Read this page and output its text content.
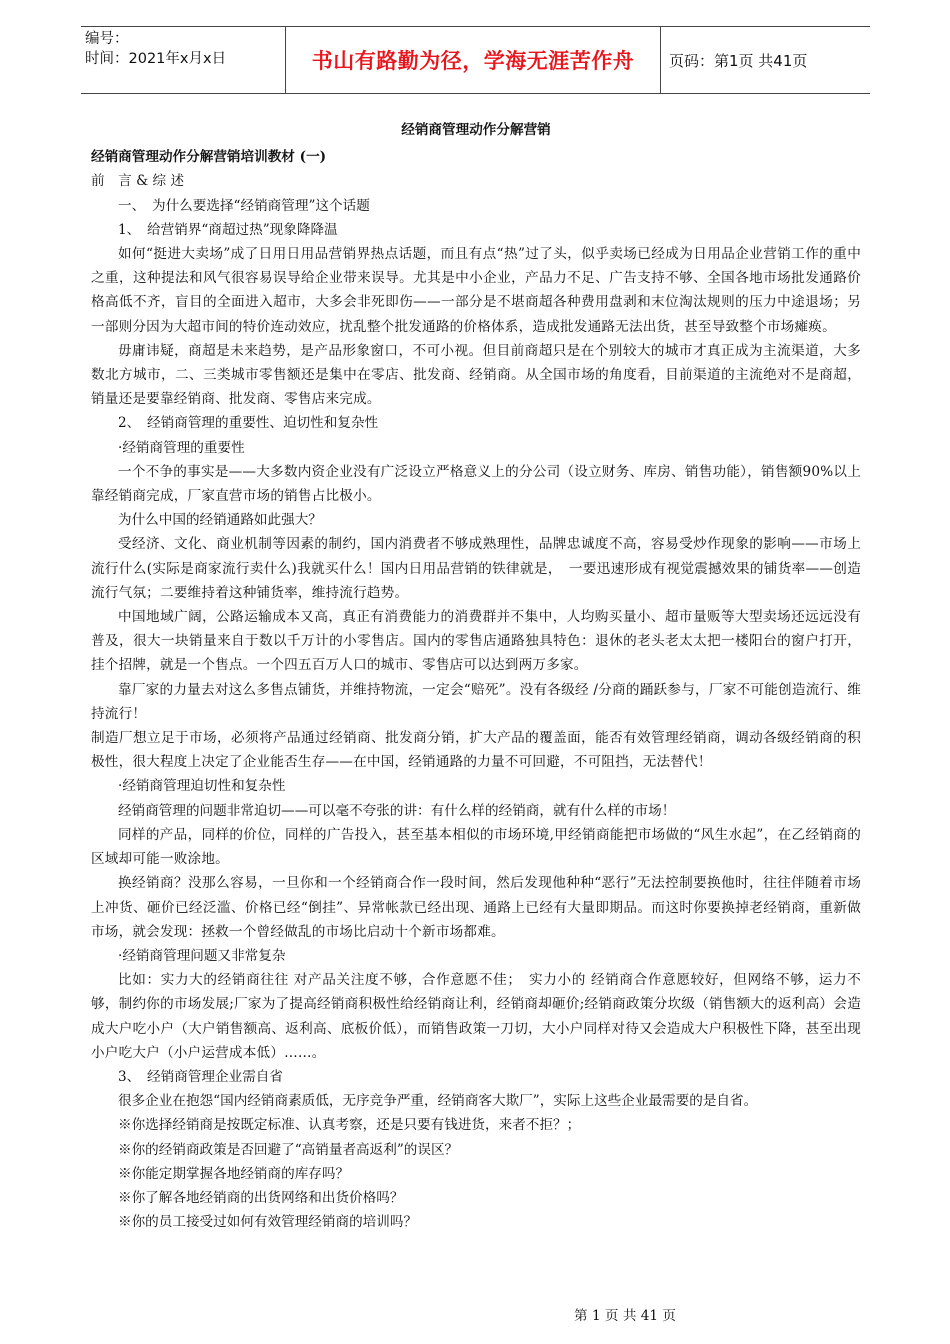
编号：
时间：2021年x月x日	书山有路勤为径，学海无涯苦作舟	页码：第1页 共41页

经销商管理动作分解营销

经销商管理动作分解营销培训教材 (一)

前　言 & 综 述

一、　为什么要选择“经销商管理”这个话题

1、　给营销界“商超过热”现象降降温

如何“挺进大卖场”成了日用日用品营销界热点话题，而且有点“热”过了头，似乎卖场已经成为日用品企业营销工作的重中之重，这种提法和风气很容易误导给企业带来误导。尤其是中小企业，产品力不足、广告支持不够、全国各地市场批发通路价格高低不齐，盲目的全面进入超市，大多会非死即伤——一部分是不堪商超各种费用盘剥和末位淘汰规则的压力中途退场；另一部则分因为大超市间的特价连动效应，扰乱整个批发通路的价格体系，造成批发通路无法出货，甚至导致整个市场瘫痪。

毋庸讳疑，商超是未来趋势，是产品形象窗口，不可小视。但目前商超只是在个别较大的城市才真正成为主流渠道，大多数北方城市，二、三类城市零售额还是集中在零店、批发商、经销商。从全国市场的角度看，目前渠道的主流绝对不是商超，销量还是要靠经销商、批发商、零售店来完成。

2、　经销商管理的重要性、迫切性和复杂性

·经销商管理的重要性

一个不争的事实是——大多数内资企业没有广泛设立严格意义上的分公司（设立财务、库房、销售功能），销售额90%以上靠经销商完成，厂家直营市场的销售占比极小。

为什么中国的经销通路如此强大？

受经济、文化、商业机制等因素的制约，国内消费者不够成熟理性，品牌忠诚度不高，容易受炒作现象的影响——市场上流行什么(实际是商家流行卖什么)我就买什么！国内日用品营销的铁律就是，　一要迅速形成有视觉震撼效果的铺货率——创造流行气氛；二要维持着这种铺货率，维持流行趋势。

中国地域广阔，公路运输成本又高，真正有消费能力的消费群并不集中，人均购买量小、超市量贩等大型卖场还远远没有普及，很大一块销量来自于数以千万计的小零售店。国内的零售店通路独具特色：退休的老头老太太把一楼阳台的窗户打开，挂个招牌，就是一个售点。一个四五百万人口的城市、零售店可以达到两万多家。

靠厂家的力量去对这么多售点铺货，并维持物流，一定会“赔死”。没有各级经 /分商的踊跃参与，厂家不可能创造流行、维持流行！

制造厂想立足于市场，必须将产品通过经销商、批发商分销，扩大产品的覆盖面，能否有效管理经销商，调动各级经销商的积极性，很大程度上决定了企业能否生存——在中国，经销通路的力量不可回避，不可阻挡，无法替代！

·经销商管理迫切性和复杂性

经销商管理的问题非常迫切——可以毫不夸张的讲：有什么样的经销商，就有什么样的市场！

同样的产品，同样的价位，同样的广告投入，甚至基本相似的市场环境,甲经销商能把市场做的“风生水起”，在乙经销商的区域却可能一败涂地。

换经销商？没那么容易，一旦你和一个经销商合作一段时间，然后发现他种种“恶行”无法控制要换他时，往往伴随着市场上冲货、砸价已经泛滥、价格已经“倒挂”、异常帐款已经出现、通路上已经有大量即期品。而这时你要换掉老经销商，重新做市场，就会发现：拯救一个曾经做乱的市场比启动十个新市场都难。

·经销商管理问题又非常复杂

比如：实力大的经销商往往 对产品关注度不够，合作意愿不佳；　实力小的 经销商合作意愿较好，但网络不够，运力不够，制约你的市场发展;厂家为了提高经销商积极性给经销商让利，经销商却砸价;经销商政策分坎级（销售额大的返利高）会造成大户吃小户（大户销售额高、返利高、底板价低），而销售政策一刀切，大小户同样对待又会造成大户积极性下降，甚至出现小户吃大户（小户运营成本低）……。

3、　经销商管理企业需自省

很多企业在抱怨“国内经销商素质低，无序竞争严重，经销商客大欺厂”，实际上这些企业最需要的是自省。

※你选择经销商是按既定标准、认真考察，还是只要有钱进货，来者不拒？；

※你的经销商政策是否回避了“高销量者高返利”的误区？

※你能定期掌握各地经销商的库存吗？

※你了解各地经销商的出货网络和出货价格吗？

※你的员工接受过如何有效管理经销商的培训吗？

第 1 页 共 41 页
